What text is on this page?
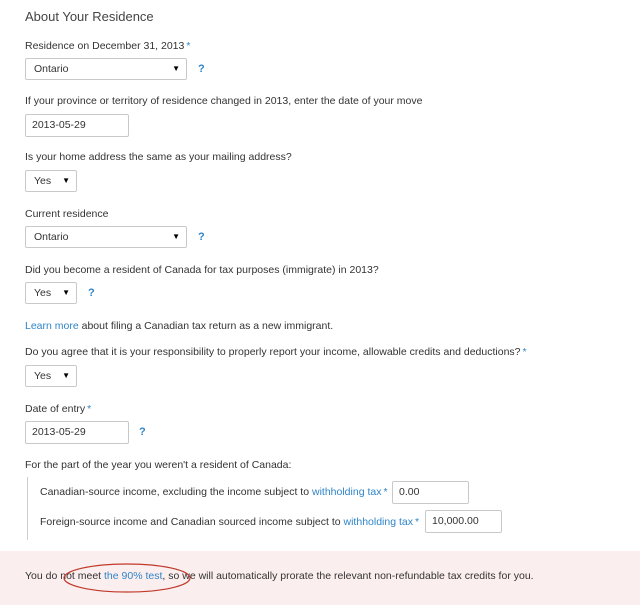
About Your Residence
Residence on December 31, 2013 *
Ontario	▼ ?
If your province or territory of residence changed in 2013, enter the date of your move
2013-05-29
Is your home address the same as your mailing address?
Yes ▼
Current residence
Ontario	▼ ?
Did you become a resident of Canada for tax purposes (immigrate) in 2013?
Yes ▼ ?
Learn more about filing a Canadian tax return as a new immigrant.
Do you agree that it is your responsibility to properly report your income, allowable credits and deductions? *
Yes ▼
Date of entry *
2013-05-29	?
For the part of the year you weren't a resident of Canada:
Canadian-source income, excluding the income subject to withholding tax *	0.00
Foreign-source income and Canadian sourced income subject to withholding tax *	10,000.00
You do not meet the 90% test, so we will automatically prorate the relevant non-refundable tax credits for you.
